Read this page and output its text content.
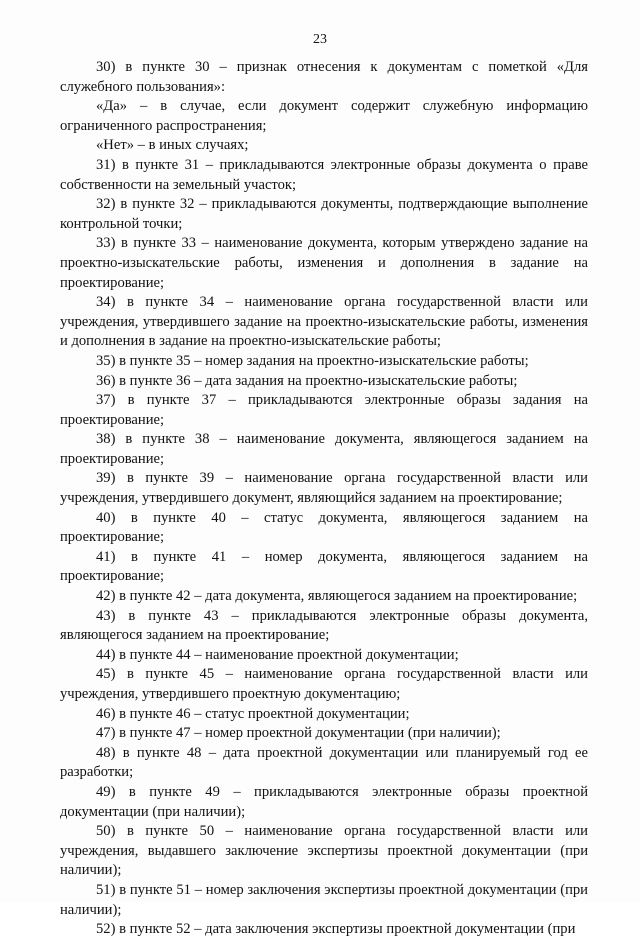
23

30) в пункте 30 – признак отнесения к документам с пометкой «Для служебного пользования»:

«Да» – в случае, если документ содержит служебную информацию ограниченного распространения;

«Нет» – в иных случаях;

31) в пункте 31 – прикладываются электронные образы документа о праве собственности на земельный участок;

32) в пункте 32 – прикладываются документы, подтверждающие выполнение контрольной точки;

33) в пункте 33 – наименование документа, которым утверждено задание на проектно-изыскательские работы, изменения и дополнения в задание на проектирование;

34) в пункте 34 – наименование органа государственной власти или учреждения, утвердившего задание на проектно-изыскательские работы, изменения и дополнения в задание на проектно-изыскательские работы;

35) в пункте 35 – номер задания на проектно-изыскательские работы;

36) в пункте 36 – дата задания на проектно-изыскательские работы;

37) в пункте 37 – прикладываются электронные образы задания на проектирование;

38) в пункте 38 – наименование документа, являющегося заданием на проектирование;

39) в пункте 39 – наименование органа государственной власти или учреждения, утвердившего документ, являющийся заданием на проектирование;

40) в пункте 40 – статус документа, являющегося заданием на проектирование;

41) в пункте 41 – номер документа, являющегося заданием на проектирование;

42) в пункте 42 – дата документа, являющегося заданием на проектирование;

43) в пункте 43 – прикладываются электронные образы документа, являющегося заданием на проектирование;

44) в пункте 44 – наименование проектной документации;

45) в пункте 45 – наименование органа государственной власти или учреждения, утвердившего проектную документацию;

46) в пункте 46 – статус проектной документации;

47) в пункте 47 – номер проектной документации (при наличии);

48) в пункте 48 – дата проектной документации или планируемый год ее разработки;

49) в пункте 49 – прикладываются электронные образы проектной документации (при наличии);

50) в пункте 50 – наименование органа государственной власти или учреждения, выдавшего заключение экспертизы проектной документации (при наличии);

51) в пункте 51 – номер заключения экспертизы проектной документации (при наличии);

52) в пункте 52 – дата заключения экспертизы проектной документации (при
